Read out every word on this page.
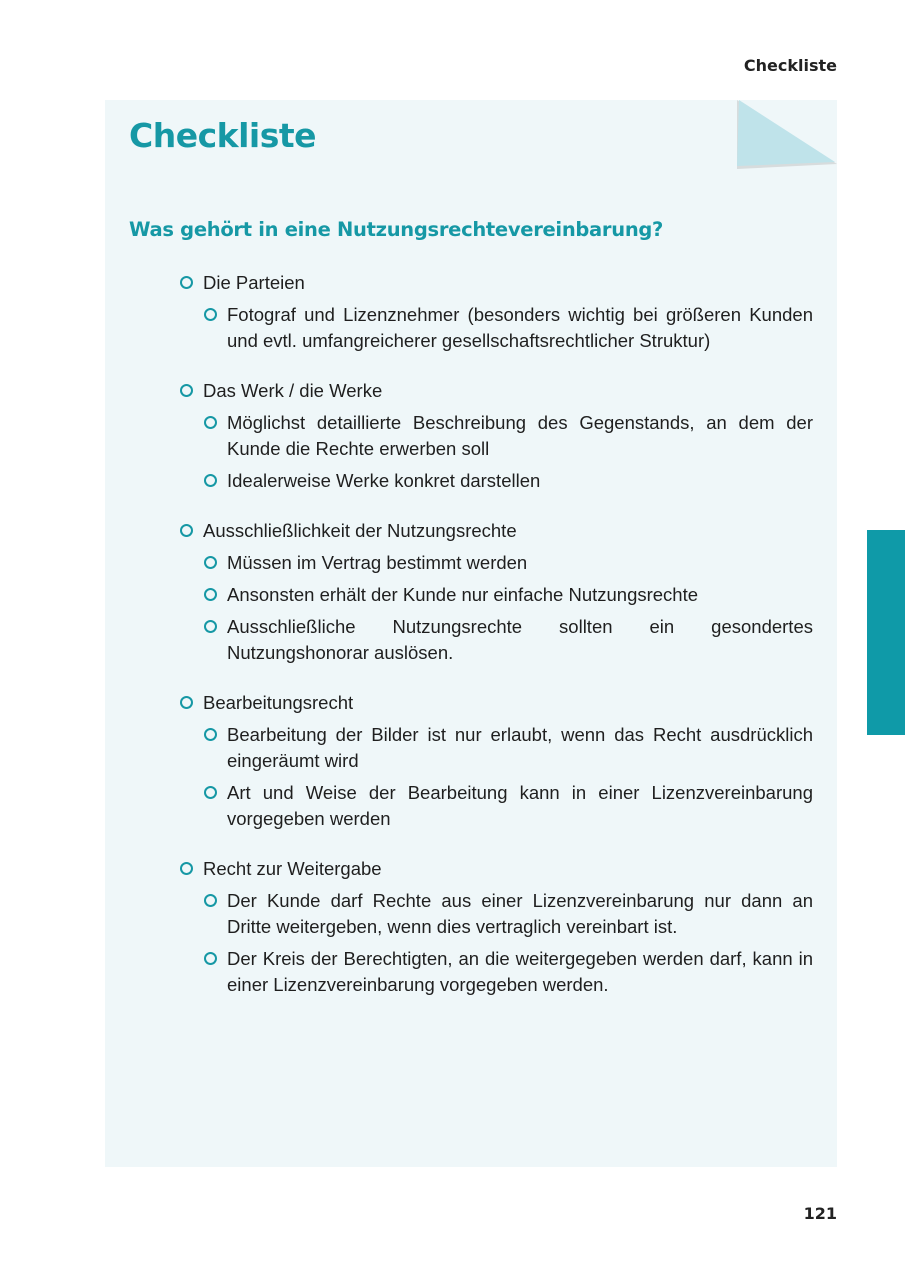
Checkliste
Checkliste
Was gehört in eine Nutzungsrechtevereinbarung?
Die Parteien
Fotograf und Lizenznehmer (besonders wichtig bei größeren Kunden und evtl. umfangreicherer gesellschaftsrechtlicher Struktur)
Das Werk / die Werke
Möglichst detaillierte Beschreibung des Gegenstands, an dem der Kunde die Rechte erwerben soll
Idealerweise Werke konkret darstellen
Ausschließlichkeit der Nutzungsrechte
Müssen im Vertrag bestimmt werden
Ansonsten erhält der Kunde nur einfache Nutzungsrechte
Ausschließliche Nutzungsrechte sollten ein gesondertes Nutzungshonorar auslösen.
Bearbeitungsrecht
Bearbeitung der Bilder ist nur erlaubt, wenn das Recht ausdrücklich eingeräumt wird
Art und Weise der Bearbeitung kann in einer Lizenzvereinbarung vorgegeben werden
Recht zur Weitergabe
Der Kunde darf Rechte aus einer Lizenzvereinbarung nur dann an Dritte weitergeben, wenn dies vertraglich vereinbart ist.
Der Kreis der Berechtigten, an die weitergegeben werden darf, kann in einer Lizenzvereinbarung vorgegeben werden.
121
